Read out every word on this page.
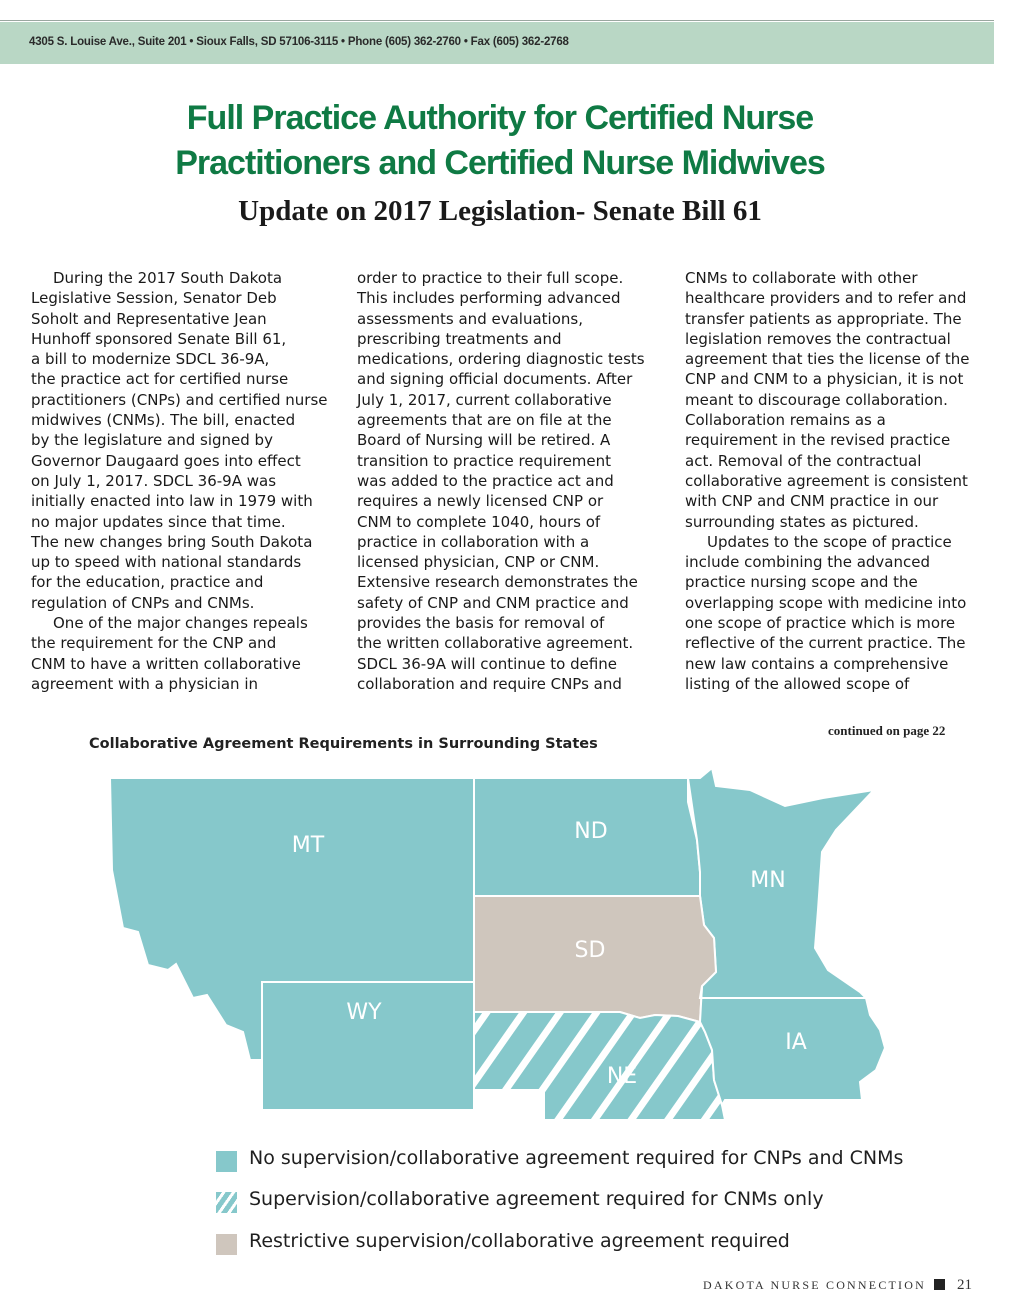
4305 S. Louise Ave., Suite 201 • Sioux Falls, SD 57106-3115 • Phone (605) 362-2760 • Fax (605) 362-2768
Full Practice Authority for Certified Nurse
Practitioners and Certified Nurse Midwives
Update on 2017 Legislation- Senate Bill 61
During the 2017 South Dakota
Legislative Session, Senator Deb
Soholt and Representative Jean
Hunhoff sponsored Senate Bill 61,
a bill to modernize SDCL 36-9A,
the practice act for certified nurse
practitioners (CNPs) and certified nurse
midwives (CNMs). The bill, enacted
by the legislature and signed by
Governor Daugaard goes into effect
on July 1, 2017. SDCL 36-9A was
initially enacted into law in 1979 with
no major updates since that time.
The new changes bring South Dakota
up to speed with national standards
for the education, practice and
regulation of CNPs and CNMs.
One of the major changes repeals
the requirement for the CNP and
CNM to have a written collaborative
agreement with a physician in
order to practice to their full scope.
This includes performing advanced
assessments and evaluations,
prescribing treatments and
medications, ordering diagnostic tests
and signing official documents. After
July 1, 2017, current collaborative
agreements that are on file at the
Board of Nursing will be retired. A
transition to practice requirement
was added to the practice act and
requires a newly licensed CNP or
CNM to complete 1040, hours of
practice in collaboration with a
licensed physician, CNP or CNM.
Extensive research demonstrates the
safety of CNP and CNM practice and
provides the basis for removal of
the written collaborative agreement.
SDCL 36-9A will continue to define
collaboration and require CNPs and
CNMs to collaborate with other
healthcare providers and to refer and
transfer patients as appropriate. The
legislation removes the contractual
agreement that ties the license of the
CNP and CNM to a physician, it is not
meant to discourage collaboration.
Collaboration remains as a
requirement in the revised practice
act. Removal of the contractual
collaborative agreement is consistent
with CNP and CNM practice in our
surrounding states as pictured.
Updates to the scope of practice
include combining the advanced
practice nursing scope and the
overlapping scope with medicine into
one scope of practice which is more
reflective of the current practice. The
new law contains a comprehensive
listing of the allowed scope of
continued on page 22
Collaborative Agreement Requirements in Surrounding States
MT
ND
MN
SD
WY
NE
IA
No supervision/collaborative agreement required for CNPs and CNMs
Supervision/collaborative agreement required for CNMs only
Restrictive supervision/collaborative agreement required
DAKOTA NURSE CONNECTION 21
